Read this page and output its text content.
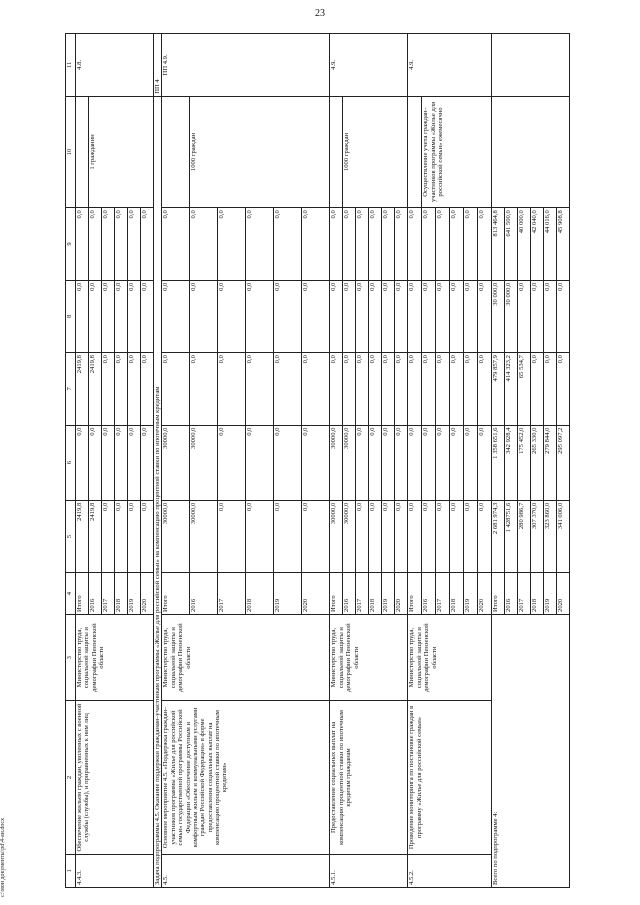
23
1	2	3	4	5	6	7	8	9	10	11
4.4.3.	Обеспечение жильем граждан, уволенных с военной службы (службы), и приравненных к ним лиц	Министерство труда, социальной защиты и демографии Пензенской области	Итого	2419,8	0,0	2419,8	0,0	0,0		4.8.
			2016	2419,8	0,0	2419,8	0,0	0,0	1 гражданин	
			2017	0,0	0,0	0,0	0,0	0,0		
			2018	0,0	0,0	0,0	0,0	0,0		
			2019	0,0	0,0	0,0	0,0	0,0		
			2020	0,0	0,0	0,0	0,0	0,0		
Задача подпрограммы 4.5. Оказание поддержки гражданам–участникам программы «Жилье для российской семьи» на компенсацию процентной ставки по ипотечным кредитам										ПП 4
4.5.	Основное мероприятие 4.5. «Поддержка граждан–участников программы «Жилье для российской семьи» государственной программы Российской Федерации «Обеспечение доступным и комфортным жильем и коммунальными услугами граждан Российской Федерации» в форме предоставления социальных выплат на компенсацию процентной ставки по ипотечным кредитам»	Министерство труда, социальной защиты и демографии Пензенской области	Итого	30000,0	30000,0	0,0	0,0	0,0		ПП 4.9.
			2016	30000,0	30000,0	0,0	0,0	0,0	1000 граждан	
			2017	0,0	0,0	0,0	0,0	0,0		
			2018	0,0	0,0	0,0	0,0	0,0		
			2019	0,0	0,0	0,0	0,0	0,0		
			2020	0,0	0,0	0,0	0,0	0,0		
4.5.1.	Предоставление социальных выплат на компенсацию процентной ставки по ипотечным кредитам гражданам	Министерство труда, социальной защиты и демографии Пензенской области	Итого	30000,0	30000,0	0,0	0,0	0,0		4.9.
			2016	30000,0	30000,0	0,0	0,0	0,0	1000 граждан	
			2017	0,0	0,0	0,0	0,0	0,0		
			2018	0,0	0,0	0,0	0,0	0,0		
			2019	0,0	0,0	0,0	0,0	0,0		
			2020	0,0	0,0	0,0	0,0	0,0		
4.5.2.	Проведение мониторинга по постановке граждан в программу «Жилье для российской семьи»	Министерство труда, социальной защиты и демографии Пензенской области	Итого	0,0	0,0	0,0	0,0	0,0		4.9.
			2016	0,0	0,0	0,0	0,0	0,0	Осуществление учета граждан–участников программы «Жилье для российской семьи» ежемесячно	
			2017	0,0	0,0	0,0	0,0	0,0		
			2018	0,0	0,0	0,0	0,0	0,0		
			2019	0,0	0,0	0,0	0,0	0,0		
			2020	0,0	0,0	0,0	0,0	0,0		
Всего по подпрограмме 4:			Итого	2 681 974,3	1 358 651,6	479 857,9	30 000,0	813 464,8		
			2016	1 428751,6	342 928,4	414 323,2	30 000,0	641 500,0		
			2017	280 986,7	175 452,0	65 534,7	0,0	40 000,0		
			2018	307 370,0	265 330,0	0,0	0,0	42 040,0		
			2019	323 860,0	279 844,0	0,0	0,0	44 016,0		
			2020	341 006,0	295 097,2	0,0	0,0	45 908,8		
c:\мои документы\pd\4-ан.docx
